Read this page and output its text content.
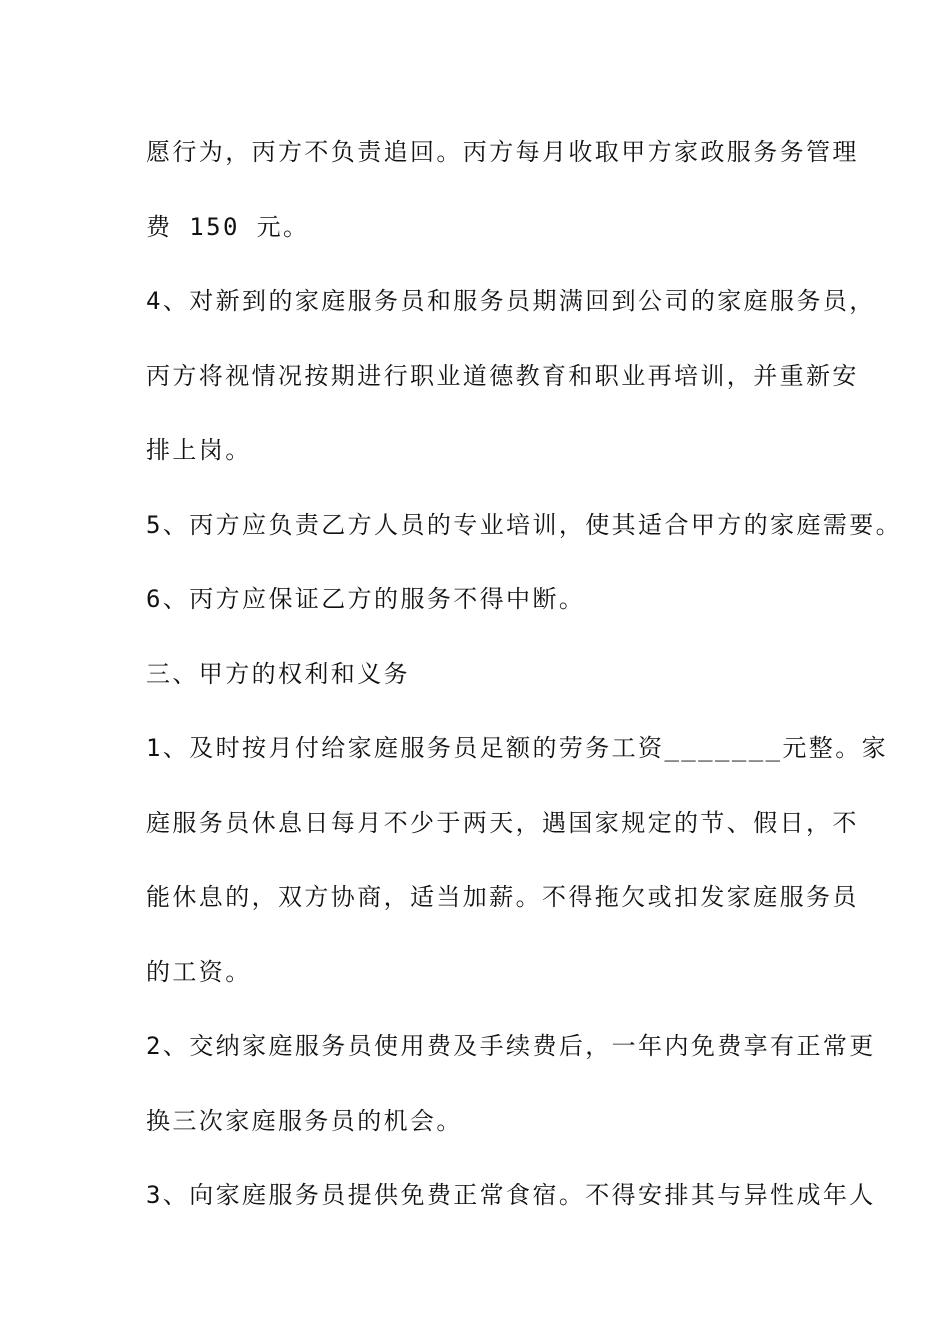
愿行为，丙方不负责追回。丙方每月收取甲方家政服务务管理
费 150 元。
4、对新到的家庭服务员和服务员期满回到公司的家庭服务员，
丙方将视情况按期进行职业道德教育和职业再培训，并重新安
排上岗。
5、丙方应负责乙方人员的专业培训，使其适合甲方的家庭需要。
6、丙方应保证乙方的服务不得中断。
三、甲方的权利和义务
1、及时按月付给家庭服务员足额的劳务工资_______元整。家
庭服务员休息日每月不少于两天，遇国家规定的节、假日，不
能休息的，双方协商，适当加薪。不得拖欠或扣发家庭服务员
的工资。
2、交纳家庭服务员使用费及手续费后，一年内免费享有正常更
换三次家庭服务员的机会。
3、向家庭服务员提供免费正常食宿。不得安排其与异性成年人
